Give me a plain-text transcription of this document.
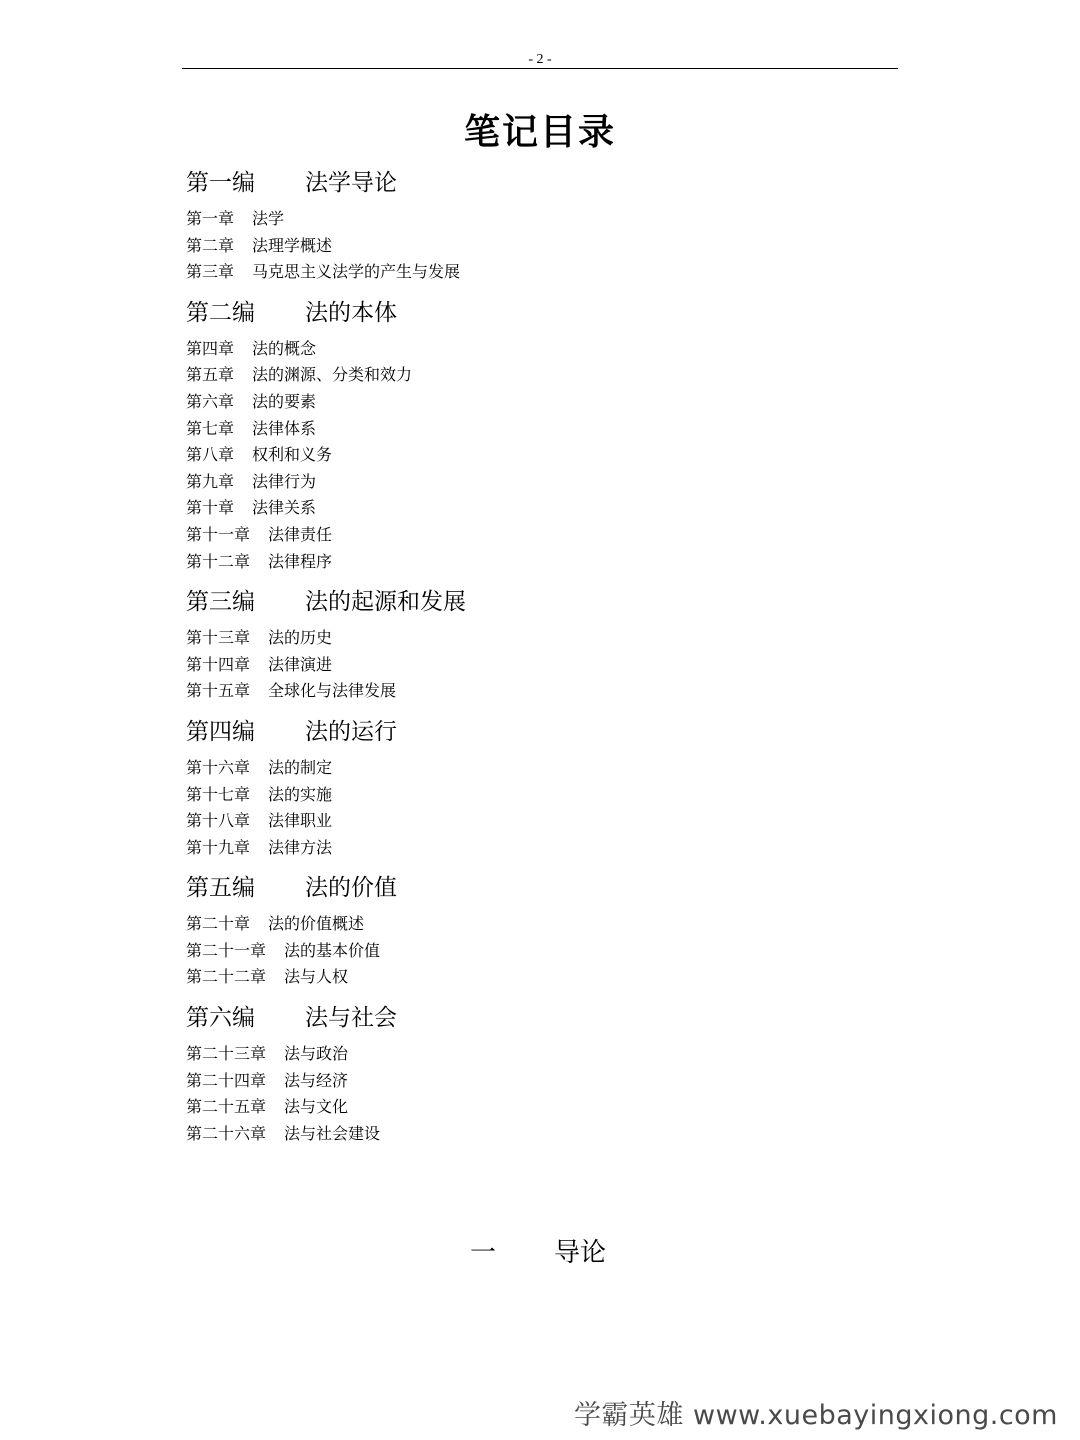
- 2 -
笔记目录
第一编	法学导论
第一章	法学
第二章	法理学概述
第三章	马克思主义法学的产生与发展
第二编	法的本体
第四章	法的概念
第五章	法的渊源、分类和效力
第六章	法的要素
第七章	法律体系
第八章	权利和义务
第九章	法律行为
第十章	法律关系
第十一章	法律责任
第十二章	法律程序
第三编	法的起源和发展
第十三章	法的历史
第十四章	法律演进
第十五章	全球化与法律发展
第四编	法的运行
第十六章	法的制定
第十七章	法的实施
第十八章	法律职业
第十九章	法律方法
第五编	法的价值
第二十章	法的价值概述
第二十一章	法的基本价值
第二十二章	法与人权
第六编	法与社会
第二十三章	法与政治
第二十四章	法与经济
第二十五章	法与文化
第二十六章	法与社会建设
一	导论
学霸英雄 www.xuebayingxiong.com
